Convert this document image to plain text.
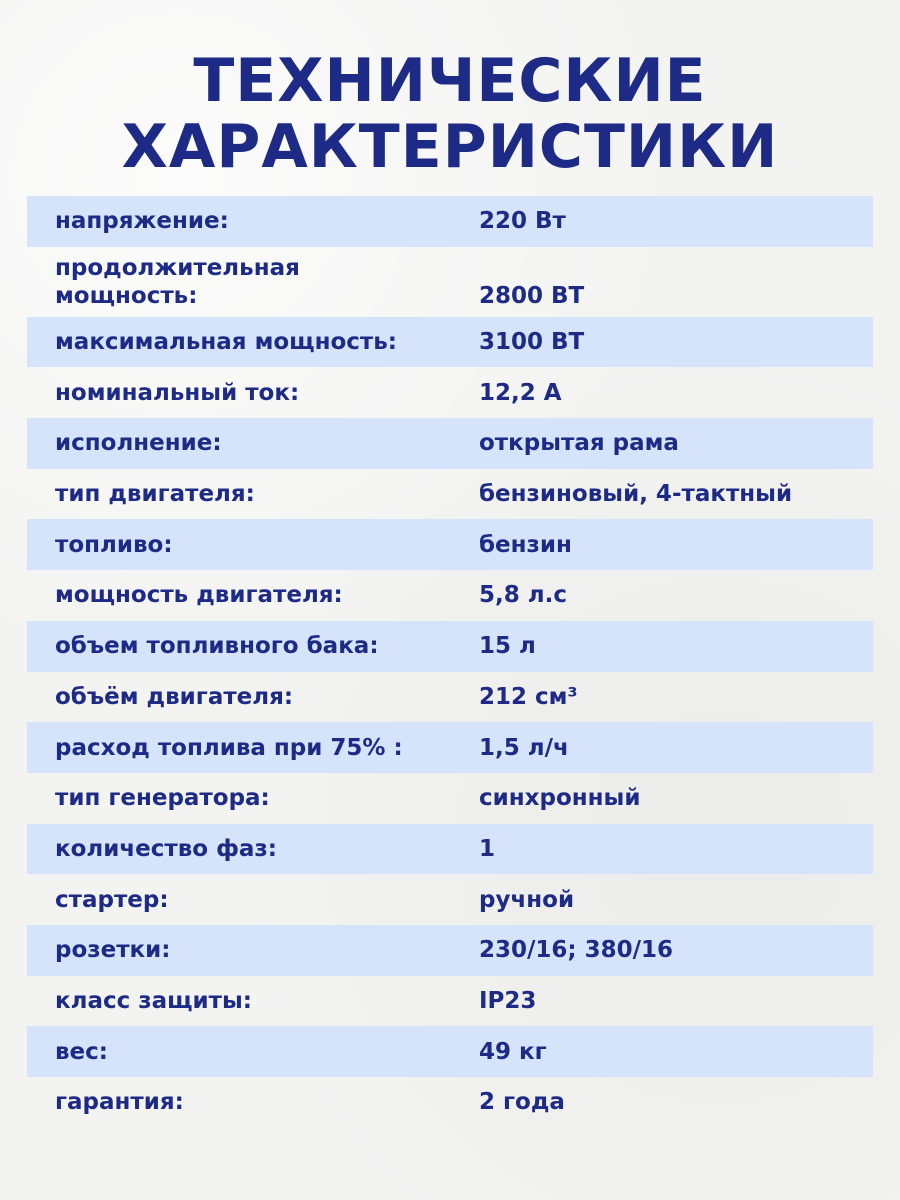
ТЕХНИЧЕСКИЕ
ХАРАКТЕРИСТИКИ
напряжение:	220 Вт
продолжительная
мощность:	2800 ВТ
максимальная мощность:	3100 ВТ
номинальный ток:	12,2 А
исполнение:	открытая рама
тип двигателя:	бензиновый, 4-тактный
топливо:	бензин
мощность двигателя:	5,8 л.с
объем топливного бака:	15 л
объём двигателя:	212 см³
расход топлива при 75% :	1,5 л/ч
тип генератора:	синхронный
количество фаз:	1
стартер:	ручной
розетки:	230/16; 380/16
класс защиты:	IP23
вес:	49 кг
гарантия:	2 года
